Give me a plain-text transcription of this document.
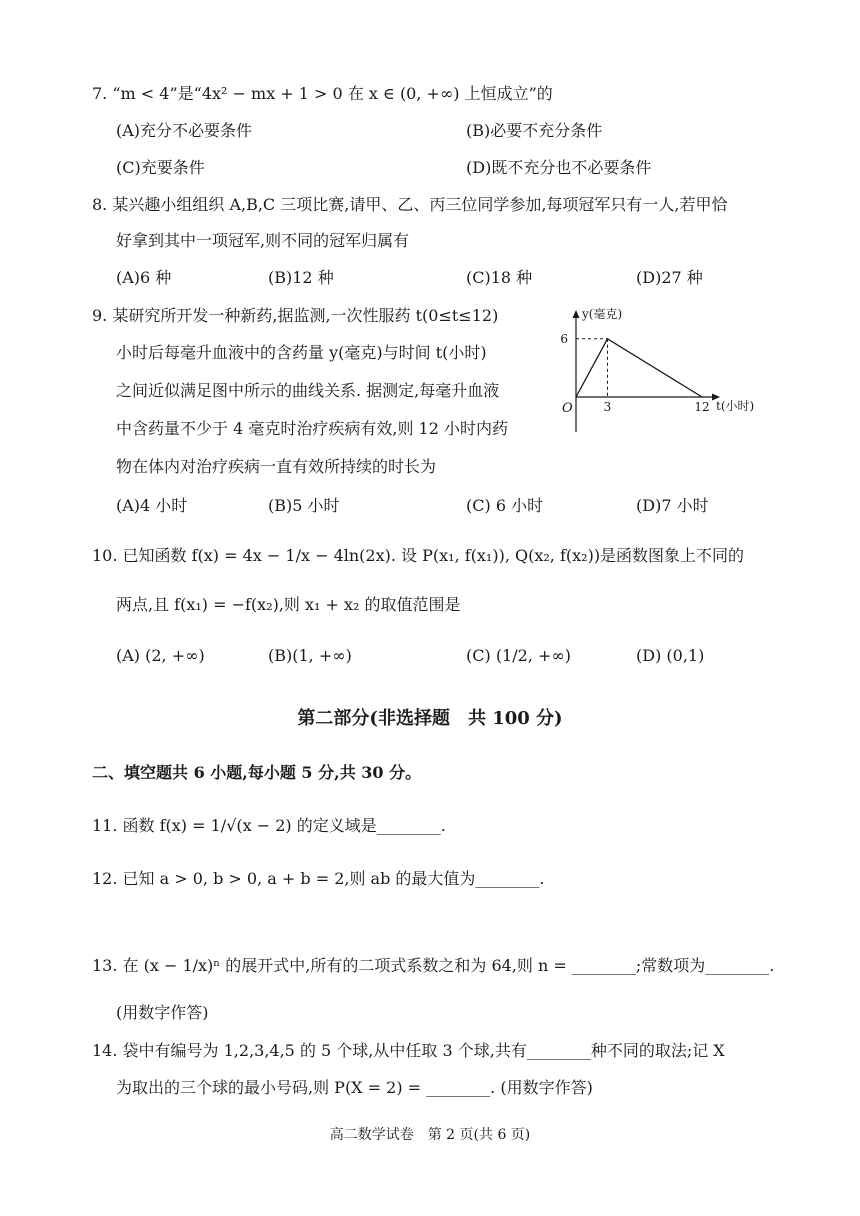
7. “m < 4”是“4x² − mx + 1 > 0 在 x ∈ (0, +∞) 上恒成立”的
(A)充分不必要条件	(B)必要不充分条件
(C)充要条件	(D)既不充分也不必要条件
8. 某兴趣小组组织 A,B,C 三项比赛,请甲、乙、丙三位同学参加,每项冠军只有一人,若甲恰
好拿到其中一项冠军,则不同的冠军归属有
(A)6 种	(B)12 种	(C)18 种	(D)27 种
9. 某研究所开发一种新药,据监测,一次性服药 t(0≤t≤12)
小时后每毫升血液中的含药量 y(毫克)与时间 t(小时)
之间近似满足图中所示的曲线关系. 据测定,每毫升血液
中含药量不少于 4 毫克时治疗疾病有效,则 12 小时内药
物在体内对治疗疾病一直有效所持续的时长为
y(毫克)
t(小时)
O	3	12
6
(A)4 小时	(B)5 小时	(C) 6 小时	(D)7 小时
10. 已知函数 f(x) = 4x − 1/x − 4ln(2x). 设 P(x₁, f(x₁)), Q(x₂, f(x₂))是函数图象上不同的
两点,且 f(x₁) = −f(x₂),则 x₁ + x₂ 的取值范围是
(A) (2, +∞)	(B)(1, +∞)	(C) (1/2, +∞)	(D) (0,1)
第二部分(非选择题　共 100 分)
二、填空题共 6 小题,每小题 5 分,共 30 分。
11. 函数 f(x) = 1/√(x − 2) 的定义域是________.
12. 已知 a > 0, b > 0, a + b = 2,则 ab 的最大值为________.
13. 在 (x − 1/x)ⁿ 的展开式中,所有的二项式系数之和为 64,则 n = ________;常数项为________.
(用数字作答)
14. 袋中有编号为 1,2,3,4,5 的 5 个球,从中任取 3 个球,共有________种不同的取法;记 X
为取出的三个球的最小号码,则 P(X = 2) = ________. (用数字作答)
高二数学试卷　第 2 页(共 6 页)
